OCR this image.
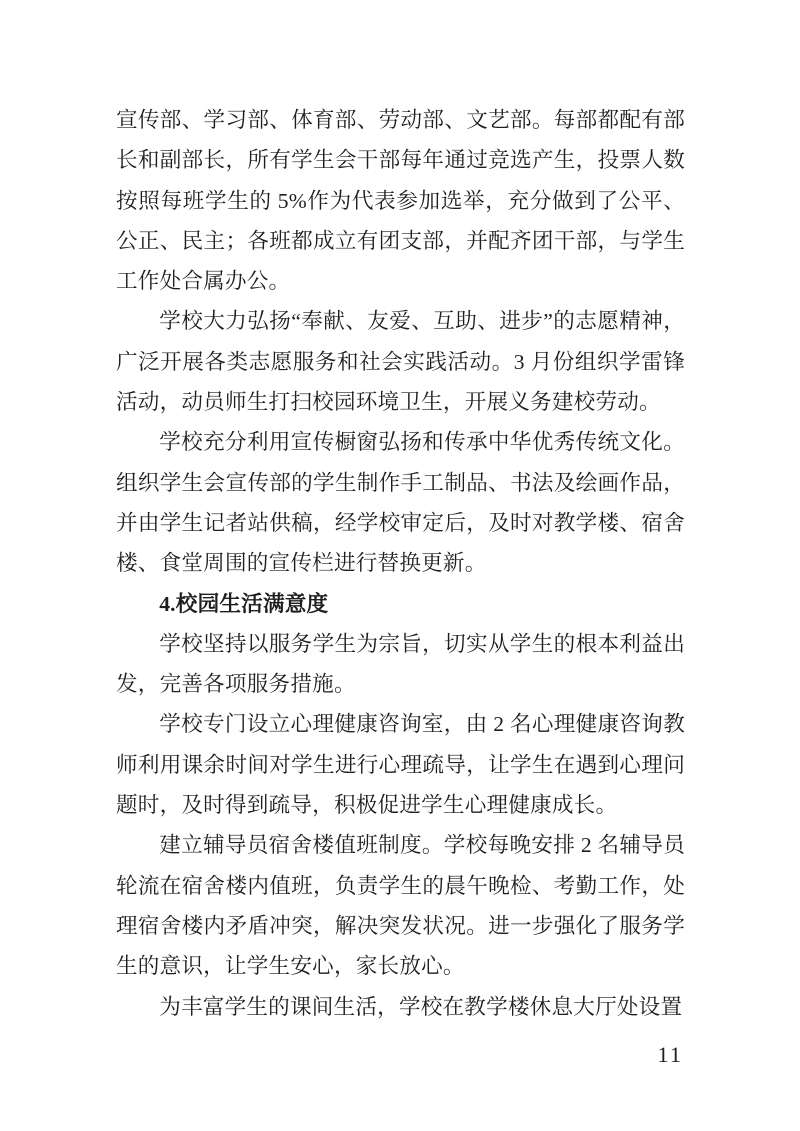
宣传部、学习部、体育部、劳动部、文艺部。每部都配有部长和副部长，所有学生会干部每年通过竞选产生，投票人数按照每班学生的 5%作为代表参加选举，充分做到了公平、公正、民主；各班都成立有团支部，并配齐团干部，与学生工作处合属办公。

学校大力弘扬“奉献、友爱、互助、进步”的志愿精神，广泛开展各类志愿服务和社会实践活动。3 月份组织学雷锋活动，动员师生打扫校园环境卫生，开展义务建校劳动。

学校充分利用宣传橱窗弘扬和传承中华优秀传统文化。组织学生会宣传部的学生制作手工制品、书法及绘画作品，并由学生记者站供稿，经学校审定后，及时对教学楼、宿舍楼、食堂周围的宣传栏进行替换更新。

4.校园生活满意度

学校坚持以服务学生为宗旨，切实从学生的根本利益出发，完善各项服务措施。

学校专门设立心理健康咨询室，由 2 名心理健康咨询教师利用课余时间对学生进行心理疏导，让学生在遇到心理问题时，及时得到疏导，积极促进学生心理健康成长。

建立辅导员宿舍楼值班制度。学校每晚安排 2 名辅导员轮流在宿舍楼内值班，负责学生的晨午晚检、考勤工作，处理宿舍楼内矛盾冲突，解决突发状况。进一步强化了服务学生的意识，让学生安心，家长放心。

为丰富学生的课间生活，学校在教学楼休息大厅处设置

11
